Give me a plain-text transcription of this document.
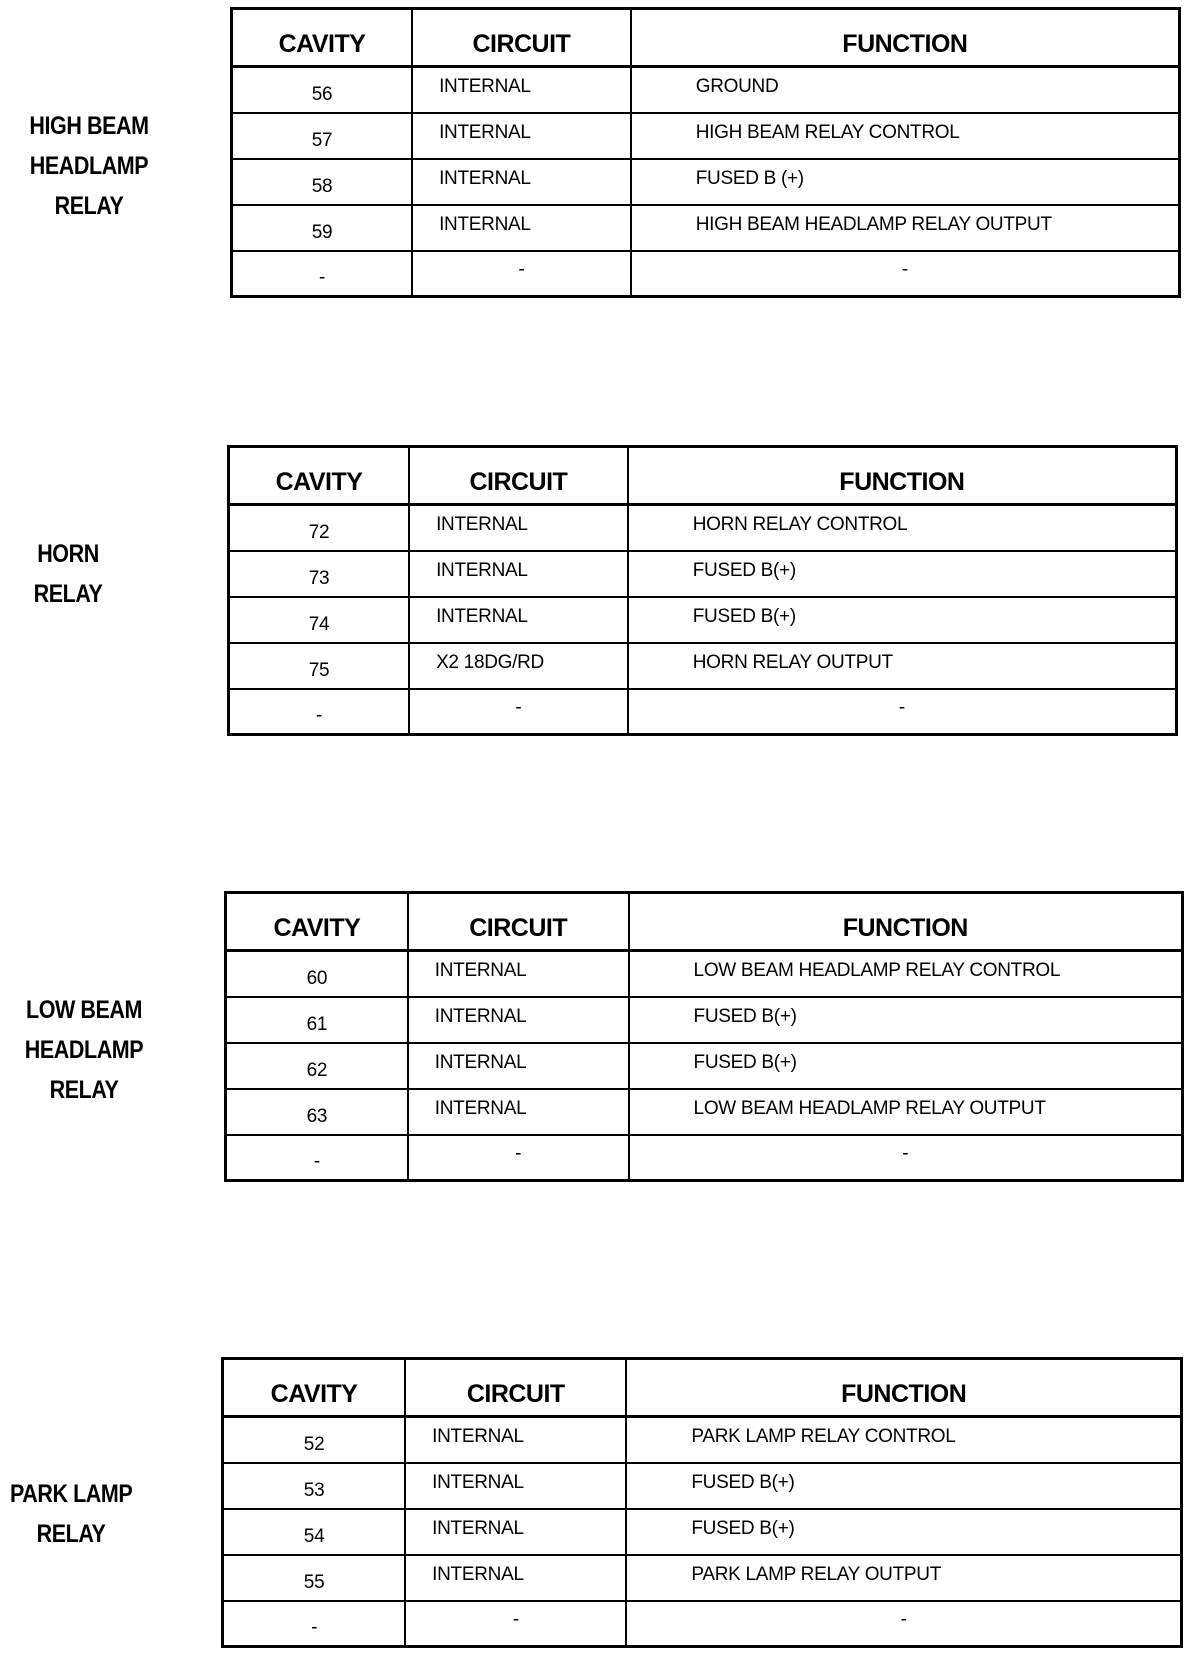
HIGH BEAM
HEADLAMP
RELAY
CAVITY	CIRCUIT	FUNCTION
56	INTERNAL	GROUND
57	INTERNAL	HIGH BEAM RELAY CONTROL
58	INTERNAL	FUSED B (+)
59	INTERNAL	HIGH BEAM HEADLAMP RELAY OUTPUT
-	-	-
HORN
RELAY
CAVITY	CIRCUIT	FUNCTION
72	INTERNAL	HORN RELAY CONTROL
73	INTERNAL	FUSED B(+)
74	INTERNAL	FUSED B(+)
75	X2 18DG/RD	HORN RELAY OUTPUT
-	-	-
LOW BEAM
HEADLAMP
RELAY
CAVITY	CIRCUIT	FUNCTION
60	INTERNAL	LOW BEAM HEADLAMP RELAY CONTROL
61	INTERNAL	FUSED B(+)
62	INTERNAL	FUSED B(+)
63	INTERNAL	LOW BEAM HEADLAMP RELAY OUTPUT
-	-	-
PARK LAMP
RELAY
CAVITY	CIRCUIT	FUNCTION
52	INTERNAL	PARK LAMP RELAY CONTROL
53	INTERNAL	FUSED B(+)
54	INTERNAL	FUSED B(+)
55	INTERNAL	PARK LAMP RELAY OUTPUT
-	-	-
